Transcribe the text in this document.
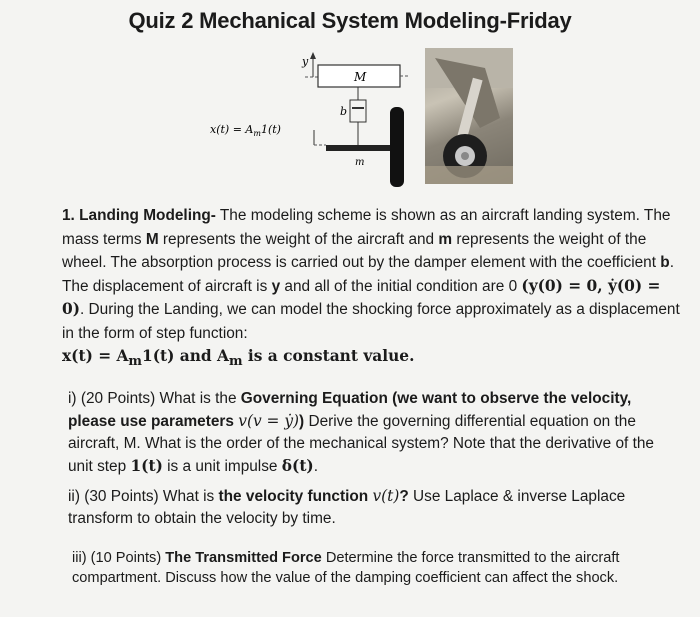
Quiz 2 Mechanical System Modeling-Friday
y
M
b
m
$x(t) = A_m1(t)$
1. Landing Modeling- The modeling scheme is shown as an aircraft landing system. The mass terms M represents the weight of the aircraft and m represents the weight of the wheel. The absorption process is carried out by the damper element with the coefficient b. The displacement of aircraft is y and all of the initial condition are 0 (y(0) = 0, ẏ(0) = 0). During the Landing, we can model the shocking force approximately as a displacement in the form of step function:
$x(t) = A_m1(t)$ and $A_m$ is a constant value.
i) (20 Points) What is the Governing Equation (we want to observe the velocity, please use parameters v(v = ẏ)) Derive the governing differential equation on the aircraft, M. What is the order of the mechanical system? Note that the derivative of the unit step 1(t) is a unit impulse δ(t).
ii) (30 Points) What is the velocity function v(t)? Use Laplace & inverse Laplace transform to obtain the velocity by time.
iii) (10 Points) The Transmitted Force Determine the force transmitted to the aircraft compartment. Discuss how the value of the damping coefficient can affect the shock.
